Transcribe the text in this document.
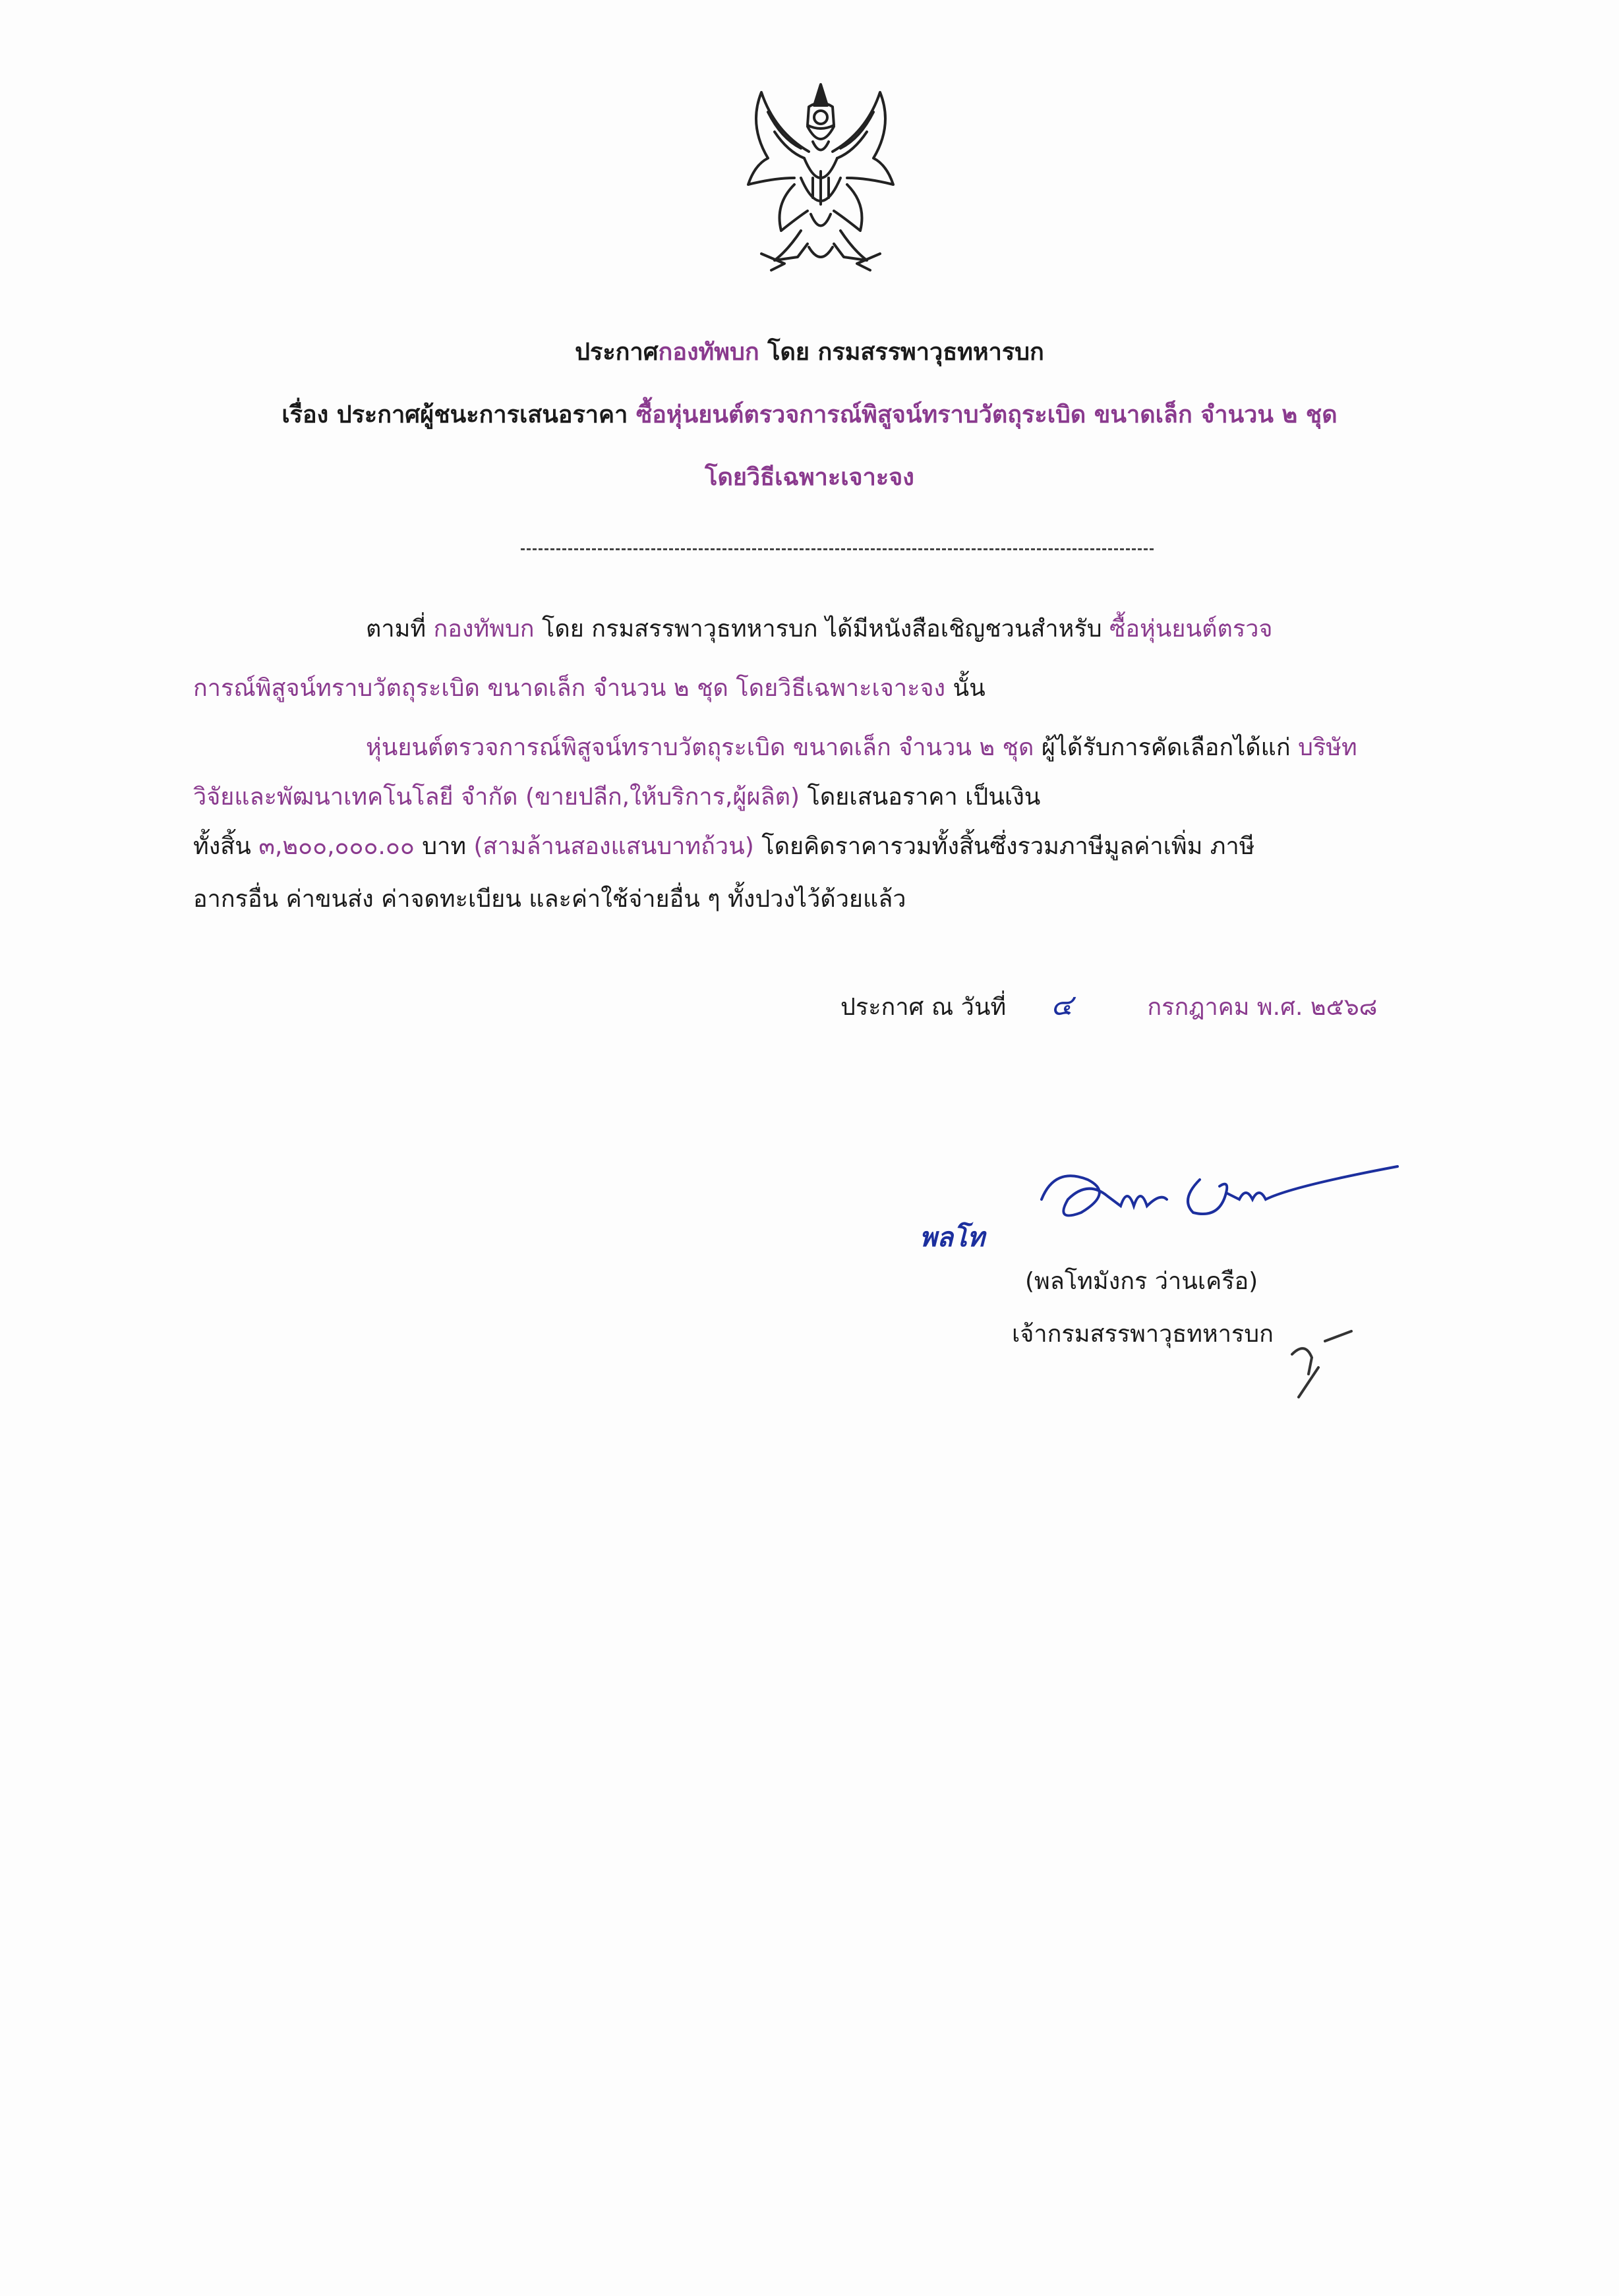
ประกาศกองทัพบก โดย กรมสรรพาวุธทหารบก
เรื่อง ประกาศผู้ชนะการเสนอราคา ซื้อหุ่นยนต์ตรวจการณ์พิสูจน์ทราบวัตถุระเบิด ขนาดเล็ก จำนวน ๒ ชุด
โดยวิธีเฉพาะเจาะจง
ตามที่ กองทัพบก โดย กรมสรรพาวุธทหารบก ได้มีหนังสือเชิญชวนสำหรับ ซื้อหุ่นยนต์ตรวจ
การณ์พิสูจน์ทราบวัตถุระเบิด ขนาดเล็ก จำนวน ๒ ชุด โดยวิธีเฉพาะเจาะจง นั้น
หุ่นยนต์ตรวจการณ์พิสูจน์ทราบวัตถุระเบิด ขนาดเล็ก จำนวน ๒ ชุด ผู้ได้รับการคัดเลือกได้แก่ บริษัท
วิจัยและพัฒนาเทคโนโลยี จำกัด (ขายปลีก,ให้บริการ,ผู้ผลิต) โดยเสนอราคา เป็นเงิน
ทั้งสิ้น ๓,๒๐๐,๐๐๐.๐๐ บาท (สามล้านสองแสนบาทถ้วน) โดยคิดราคารวมทั้งสิ้นซึ่งรวมภาษีมูลค่าเพิ่ม ภาษี
อากรอื่น ค่าขนส่ง ค่าจดทะเบียน และค่าใช้จ่ายอื่น ๆ ทั้งปวงไว้ด้วยแล้ว
ประกาศ ณ วันที่ ๔	กรกฎาคม พ.ศ. ๒๕๖๘
พลโท
(พลโทมังกร ว่านเครือ)
เจ้ากรมสรรพาวุธทหารบก
